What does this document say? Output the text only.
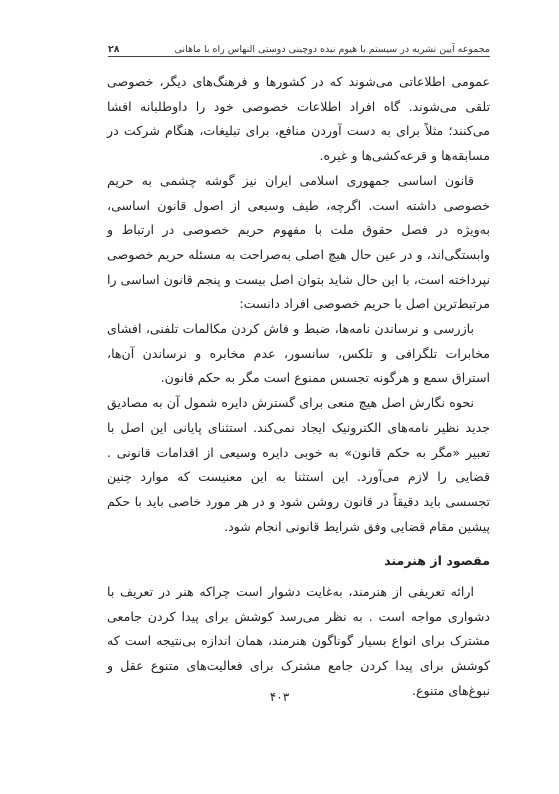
۲۸	مجموعه آیین نشریه در سیستم با هیوم نیده دوچینی دوستی النهاس راه با ماهانی

عمومی اطلاعاتی می‌شوند که در کشورها و فرهنگ‌های دیگر، خصوصی تلقی می‌شوند. گاه افراد اطلاعات خصوصی خود را داوطلبانه افشا می‌کنند؛ مثلاً برای به دست آوردن منافع، برای تبلیغات، هنگام شرکت در مسابقه‌ها و قرعه‌کشی‌ها و غیره.

قانون اساسی جمهوری اسلامی ایران نیز گوشه چشمی به حریم خصوصی داشته است. اگرچه، طیف وسیعی از اصول قانون اساسی، به‌ویژه در فصل حقوق ملت با مفهوم حریم خصوصی در ارتباط و وابستگی‌اند، و در عین حال هیچ اصلی به‌صراحت به مسئله حریم خصوصی نپرداخته است، با این حال شاید بتوان اصل بیست و پنجم قانون اساسی را مرتبط‌ترین اصل با حریم خصوصی افراد دانست:

بازرسی و نرساندن نامه‌ها، ضبط و فاش کردن مکالمات تلفنی، افشای مخابرات تلگرافی و تلکس، سانسور، عدم مخابره و نرساندن آن‌ها، استراق سمع و هرگونه تجسس ممنوع است مگر به حکم قانون.

نحوه نگارش اصل هیچ منعی برای گسترش دایره شمول آن به مصادیق جدید نظیر نامه‌های الکترونیک ایجاد نمی‌کند. استثنای پایانی این اصل با تعبیر «مگر به حکم قانون» به خوبی دایره وسیعی از اقدامات قانونی . قضایی را لازم می‌آورد. این استثنا به این معنیست که موارد چنین تجسسی باید دقیقاً در قانون روشن شود و در هر مورد خاصی باید با حکم پیشین مقام قضایی وفق شرایط قانونی انجام شود.

مقصود از هنرمند

ارائه تعریفی از هنرمند، به‌غایت دشوار است چراکه هنر در تعریف با دشواری مواجه است . به نظر می‌رسد کوشش برای پیدا کردن جامعی مشترک برای انواع بسیار گوناگون هنرمند، همان اندازه بی‌نتیجه است که کوشش برای پیدا کردن جامع مشترک برای فعالیت‌های متنوع عقل و نبوغ‌های متنوع.

۴۰۳
